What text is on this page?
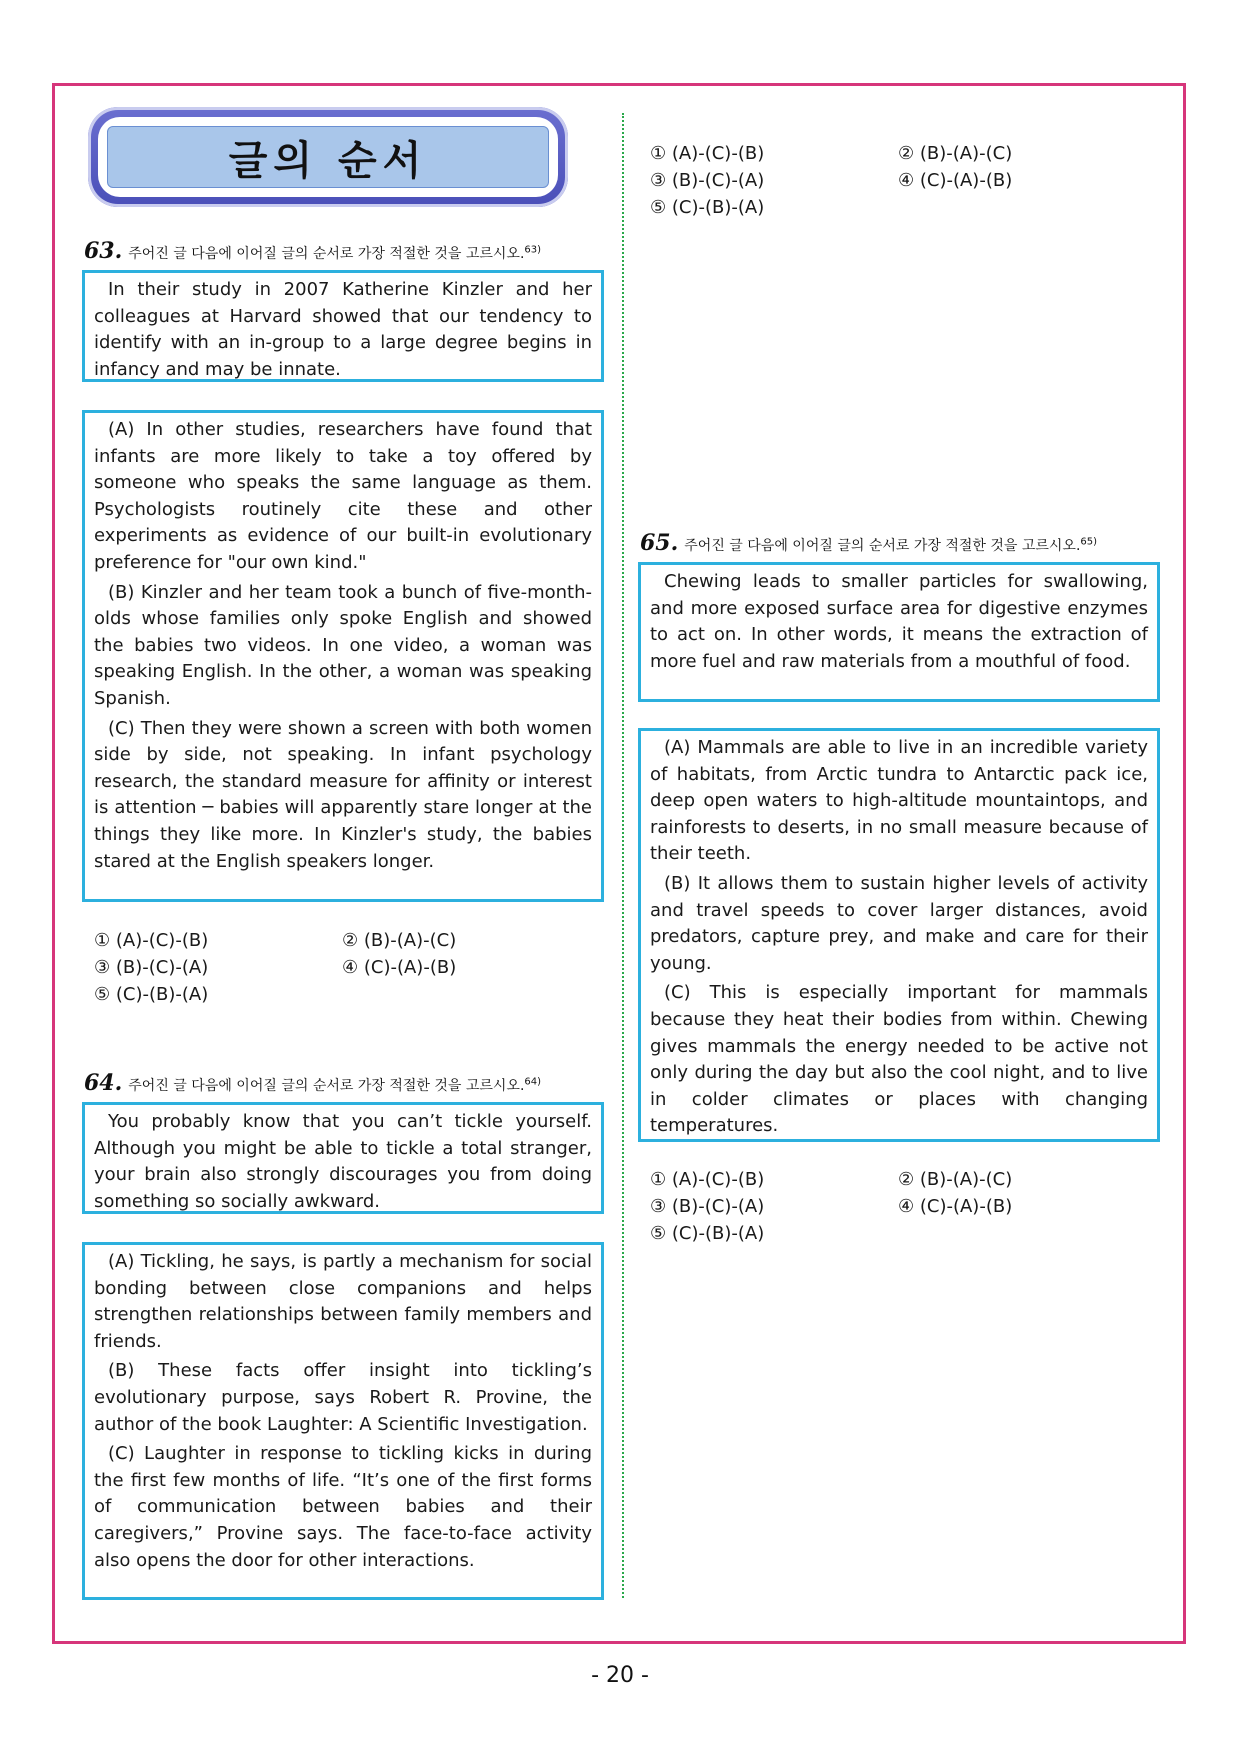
글의 순서	① (A)-(C)-(B)	② (B)-(A)-(C)
③ (B)-(C)-(A)	④ (C)-(A)-(B)
⑤ (C)-(B)-(A)
63. 주어진 글 다음에 이어질 글의 순서로 가장 적절한 것을 고르시오.$^{63)}$

In their study in 2007 Katherine Kinzler and her colleagues at Harvard showed that our tendency to identify with an in-group to a large degree begins in infancy and may be innate.

(A) In other studies, researchers have found that infants are more likely to take a toy offered by someone who speaks the same language as them. Psychologists routinely cite these and other experiments as evidence of our built-in evolutionary preference for "our own kind."

(B) Kinzler and her team took a bunch of five-month-olds whose families only spoke English and showed the babies two videos. In one video, a woman was speaking English. In the other, a woman was speaking Spanish.

(C) Then they were shown a screen with both women side by side, not speaking. In infant psychology research, the standard measure for affinity or interest is attention ─ babies will apparently stare longer at the things they like more. In Kinzler's study, the babies stared at the English speakers longer.

① (A)-(C)-(B)	② (B)-(A)-(C)
③ (B)-(C)-(A)	④ (C)-(A)-(B)
⑤ (C)-(B)-(A)
64. 주어진 글 다음에 이어질 글의 순서로 가장 적절한 것을 고르시오.$^{64)}$

You probably know that you can’t tickle yourself. Although you might be able to tickle a total stranger, your brain also strongly discourages you from doing something so socially awkward.

(A) Tickling, he says, is partly a mechanism for social bonding between close companions and helps strengthen relationships between family members and friends.

(B) These facts offer insight into tickling’s evolutionary purpose, says Robert R. Provine, the author of the book Laughter: A Scientific Investigation.

(C) Laughter in response to tickling kicks in during the first few months of life. “It’s one of the first forms of communication between babies and their caregivers,” Provine says. The face-to-face activity also opens the door for other interactions.

65. 주어진 글 다음에 이어질 글의 순서로 가장 적절한 것을 고르시오.$^{65)}$

Chewing leads to smaller particles for swallowing, and more exposed surface area for digestive enzymes to act on. In other words, it means the extraction of more fuel and raw materials from a mouthful of food.

(A) Mammals are able to live in an incredible variety of habitats, from Arctic tundra to Antarctic pack ice, deep open waters to high-altitude mountaintops, and rainforests to deserts, in no small measure because of their teeth.

(B) It allows them to sustain higher levels of activity and travel speeds to cover larger distances, avoid predators, capture prey, and make and care for their young.

(C) This is especially important for mammals because they heat their bodies from within. Chewing gives mammals the energy needed to be active not only during the day but also the cool night, and to live in colder climates or places with changing temperatures.

① (A)-(C)-(B)	② (B)-(A)-(C)
③ (B)-(C)-(A)	④ (C)-(A)-(B)
⑤ (C)-(B)-(A)
- 20 -
